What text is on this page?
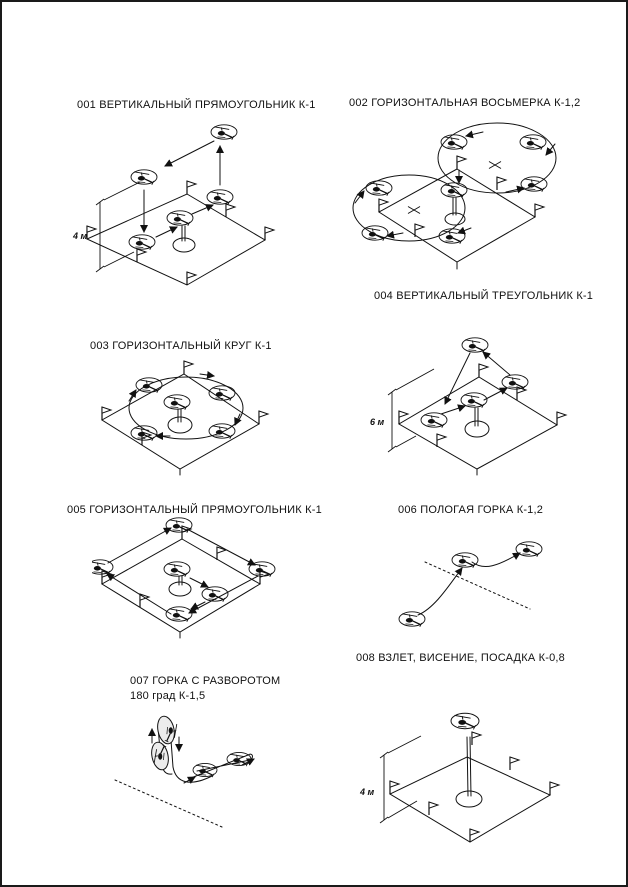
001 ВЕРТИКАЛЬНЫЙ ПРЯМОУГОЛЬНИК К-1	002 ГОРИЗОНТАЛЬНАЯ ВОСЬМЕРКА К-1,2
003 ГОРИЗОНТАЛЬНЫЙ КРУГ К-1
004 ВЕРТИКАЛЬНЫЙ ТРЕУГОЛЬНИК К-1
005 ГОРИЗОНТАЛЬНЫЙ ПРЯМОУГОЛЬНИК К-1	006 ПОЛОГАЯ ГОРКА К-1,2
007 ГОРКА С РАЗВОРОТОМ
180 град К-1,5
008 ВЗЛЕТ, ВИСЕНИЕ, ПОСАДКА К-0,8
4 м
6 м
4 м
